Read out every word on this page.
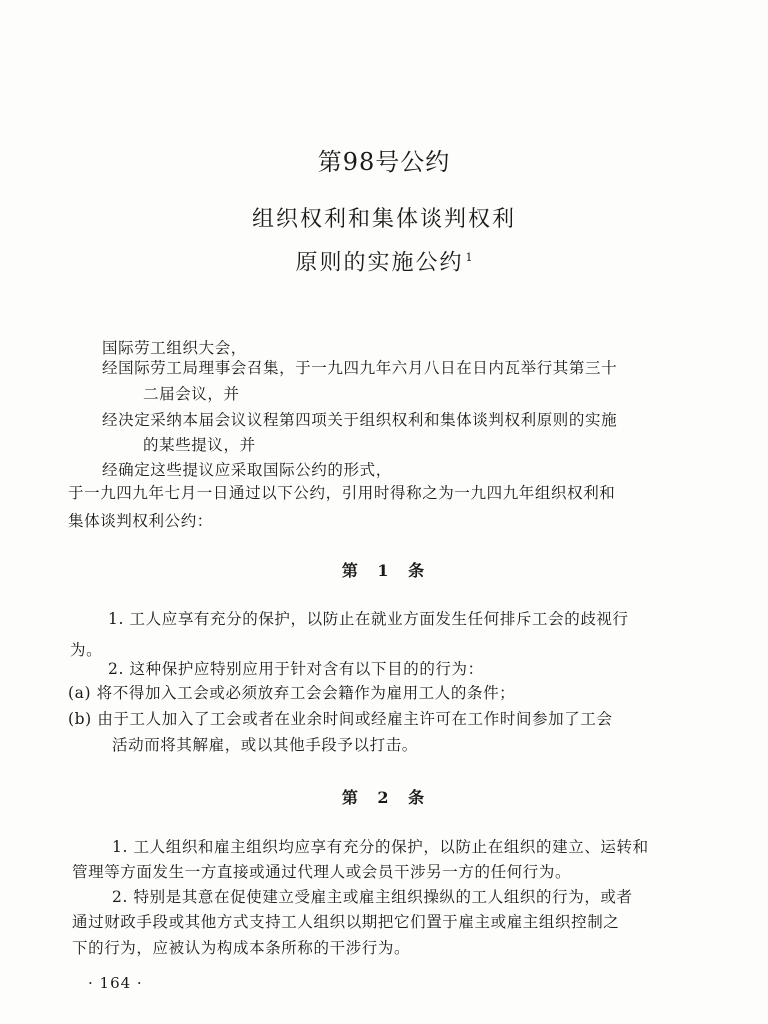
第98号公约
组织权利和集体谈判权利
原则的实施公约 $^1$
国际劳工组织大会，
经国际劳工局理事会召集，于一九四九年六月八日在日内瓦举行其第三十
二届会议，并
经决定采纳本届会议议程第四项关于组织权利和集体谈判权利原则的实施
的某些提议，并
经确定这些提议应采取国际公约的形式，
于一九四九年七月一日通过以下公约，引用时得称之为一九四九年组织权利和
集体谈判权利公约：
第 1 条
1. 工人应享有充分的保护，以防止在就业方面发生任何排斥工会的歧视行
为。
2. 这种保护应特别应用于针对含有以下目的的行为：
(a) 将不得加入工会或必须放弃工会会籍作为雇用工人的条件；
(b) 由于工人加入了工会或者在业余时间或经雇主许可在工作时间参加了工会
活动而将其解雇，或以其他手段予以打击。
第 2 条
1. 工人组织和雇主组织均应享有充分的保护，以防止在组织的建立、运转和
管理等方面发生一方直接或通过代理人或会员干涉另一方的任何行为。
2. 特别是其意在促使建立受雇主或雇主组织操纵的工人组织的行为，或者
通过财政手段或其他方式支持工人组织以期把它们置于雇主或雇主组织控制之
下的行为，应被认为构成本条所称的干涉行为。
· 164 ·
